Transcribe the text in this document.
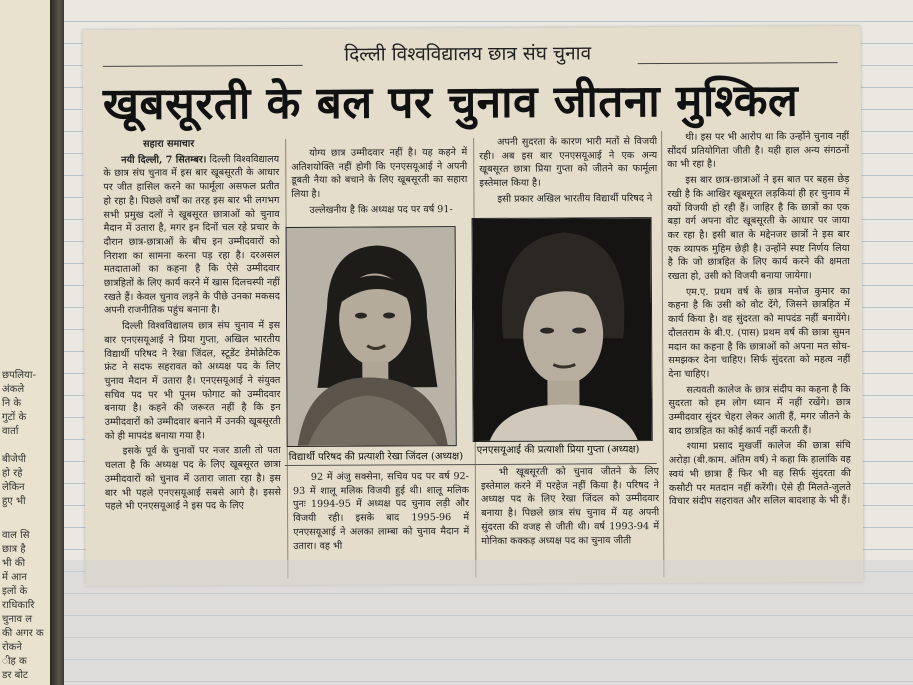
छपलिया-
अंकले
नि के
गुटों के
वार्ता
बीजेपी
हो रहे
लेकिन
हुए भी
वाल सि
छात्र है
भी की
में आन
इलों के
राधिकारि
चुनाव ल
की अगर क
रोकने
ीह क
डर बोट
दिल्ली विश्वविद्यालय छात्र संघ चुनाव
खूबसूरती के बल पर चुनाव जीतना मुश्किल

सहारा समाचार

नयी दिल्ली, 7 सितम्बर। दिल्ली विश्वविद्यालय के छात्र संघ चुनाव में इस बार खूबसूरती के आधार पर जीत हासिल करने का फार्मूला असफल प्रतीत हो रहा है। पिछले वर्षों का तरह इस बार भी लगभग सभी प्रमुख दलों ने खूबसूरत छात्राओं को चुनाव मैदान में उतारा है, मगर इन दिनों चल रहे प्रचार के दौरान छात्र-छात्राओं के बीच इन उम्मीदवारों को निराशा का सामना करना पड़ रहा है। दरअसल मतदाताओं का कहना है कि ऐसे उम्मीदवार छात्रहितों के लिए कार्य करने में खास दिलचस्पी नहीं रखते हैं। केवल चुनाव लड़ने के पीछे उनका मकसद अपनी राजनीतिक पहुंच बनाना है।

दिल्ली विश्वविद्यालय छात्र संघ चुनाव में इस बार एनएसयूआई ने प्रिया गुप्ता, अखिल भारतीय विद्यार्थी परिषद ने रेखा जिंदल, स्टूडेंट डेमोक्रेटिक फ्रंट ने सदफ सहरावत को अध्यक्ष पद के लिए चुनाव मैदान में उतारा है। एनएसयूआई ने संयुक्त सचिव पद पर भी पूनम फोगाट को उम्मीदवार बनाया है। कहने की जरूरत नहीं है कि इन उम्मीदवारों को उम्मीदवार बनाने में उनकी खूबसूरती को ही मापदंड बनाया गया है।

इसके पूर्व के चुनावों पर नजर डाली तो पता चलता है कि अध्यक्ष पद के लिए खूबसूरत छात्रा उम्मीदवारों को चुनाव में उतारा जाता रहा है। इस बार भी पहले एनएसयूआई सबसे आगे है। इससे पहले भी एनएसयूआई ने इस पद के लिए

योग्य छात्र उम्मीदवार नहीं है। यह कहने में अतिशयोक्ति नहीं होगी कि एनएसयूआई ने अपनी डूबती नैया को बचाने के लिए खूबसूरती का सहारा लिया है।

उल्लेखनीय है कि अध्यक्ष पद पर वर्ष 91-

अपनी सुदरता के कारण भारी मतों से विजयी रही। अब इस बार एनएसयूआई ने एक अन्य खूबसूरत छात्रा प्रिया गुप्ता को जीतने का फार्मूला इस्तेमाल किया है।

इसी प्रकार अखिल भारतीय विद्यार्थी परिषद ने

विद्यार्थी परिषद की प्रत्याशी रेखा जिंदल (अध्यक्ष)
एनएसयूआई की प्रत्याशी प्रिया गुप्ता (अध्यक्ष)

92 में अंजु सक्सेना, सचिव पद पर वर्ष 92-93 में शालू मलिक विजयी हुई थी। शालू मलिक पुनः 1994-95 में अध्यक्ष पद चुनाव लड़ी और विजयी रही। इसके बाद 1995-96 में एनएसयूआई ने अलका लाम्बा को चुनाव मैदान में उतारा। वह भी

भी खूबसूरती को चुनाव जीतने के लिए इस्तेमाल करने में परहेज नहीं किया है। परिषद ने अध्यक्ष पद के लिए रेखा जिंदल को उम्मीदवार बनाया है। पिछले छात्र संघ चुनाव में यह अपनी सुंदरता की वजह से जीती थी। वर्ष 1993-94 में मोनिका कक्कड़ अध्यक्ष पद का चुनाव जीती

थी। इस पर भी आरोप था कि उन्होंने चुनाव नहीं सौंदर्य प्रतियोगिता जीती है। यही हाल अन्य संगठनों का भी रहा है।

इस बार छात्र-छात्राओं ने इस बात पर बहस छेड़ रखी है कि आखिर खूबसूरत लड़कियां ही हर चुनाव में क्यों विजयी हो रही हैं। जाहिर है कि छात्रों का एक बड़ा वर्ग अपना वोट खूबसूरती के आधार पर जाया कर रहा है। इसी बात के मद्देनजर छात्रों ने इस बार एक व्यापक मुहिम छेड़ी है। उन्होंने स्पष्ट निर्णय लिया है कि जो छात्रहित के लिए कार्य करने की क्षमता रखता हो, उसी को विजयी बनाया जायेगा।

एम.ए. प्रथम वर्ष के छात्र मनोज कुमार का कहना है कि उसी को वोट देंगे, जिसने छात्रहित में कार्य किया है। वह सुंदरता को मापदंड नहीं बनायेंगे। दौलतराम के बी.ए. (पास) प्रथम वर्ष की छात्रा सुमन मदान का कहना है कि छात्राओं को अपना मत सोच-समझकर देना चाहिए। सिर्फ सुंदरता को महत्व नहीं देना चाहिए।

सत्यवती कालेज के छात्र संदीप का कहना है कि सुदरता को हम लोग ध्यान में नहीं रखेंगे। छात्र उम्मीदवार सुंदर चेहरा लेकर आती हैं, मगर जीतने के बाद छात्रहित का कोई कार्य नहीं करती हैं।

श्यामा प्रसाद मुखर्जी कालेज की छात्रा संचि अरोड़ा (बी.काम. अंतिम वर्ष) ने कहा कि हालांकि वह स्वयं भी छात्रा हैं फिर भी वह सिर्फ सुंदरता की कसौटी पर मतदान नहीं करेंगी। ऐसे ही मिलते-जुलते विचार संदीप सहरावत और सलिल बादशाह के भी हैं।
